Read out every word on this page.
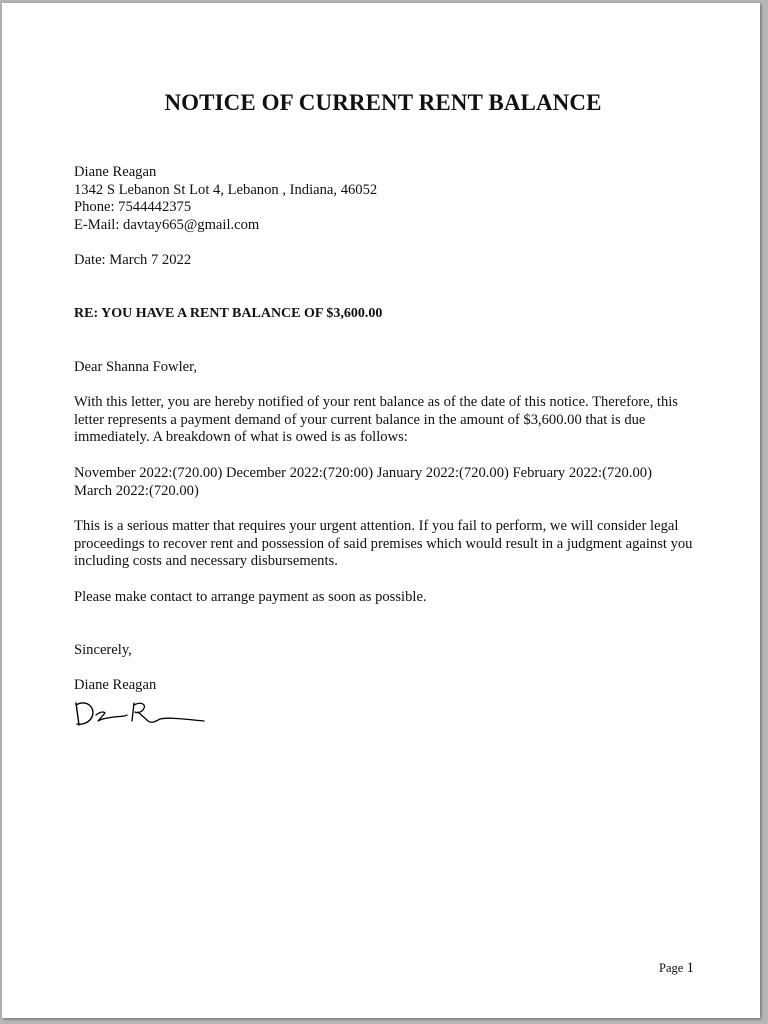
NOTICE OF CURRENT RENT BALANCE

Diane Reagan

1342 S Lebanon St Lot 4, Lebanon , Indiana, 46052

Phone: 7544442375

E-Mail: davtay665@gmail.com

Date: March 7 2022
RE: YOU HAVE A RENT BALANCE OF $3,600.00
Dear Shanna Fowler,
With this letter, you are hereby notified of your rent balance as of the date of this notice. Therefore, this letter represents a payment demand of your current balance in the amount of $3,600.00 that is due immediately. A breakdown of what is owed is as follows:
November 2022:(720.00) December 2022:(720:00) January 2022:(720.00) February 2022:(720.00) March 2022:(720.00)
This is a serious matter that requires your urgent attention. If you fail to perform, we will consider legal proceedings to recover rent and possession of said premises which would result in a judgment against you including costs and necessary disbursements.
Please make contact to arrange payment as soon as possible.
Sincerely,
Diane Reagan
Page 1
